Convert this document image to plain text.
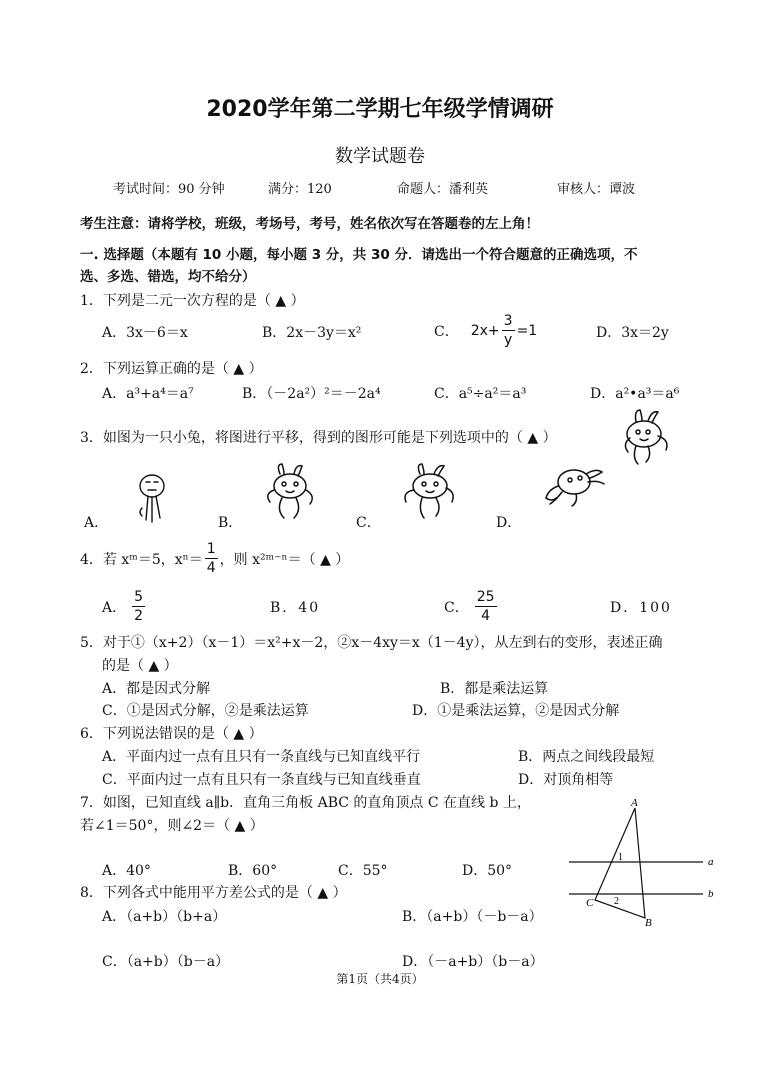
2020学年第二学期七年级学情调研
数学试题卷
考试时间：90 分钟	满分：120	命题人：潘利英	审核人：谭波
考生注意：请将学校，班级，考场号，考号，姓名依次写在答题卷的左上角！
一. 选择题（本题有 10 小题，每小题 3 分，共 30 分．请选出一个符合题意的正确选项，不
选、多选、错选，均不给分）
1．下列是二元一次方程的是（ ▲ ）
A．3x－6＝x	B．2x－3y＝x²	C． $2x+ \frac{3}{y} =1$	D．3x＝2y
2．下列运算正确的是（ ▲ ）
A．a³+a⁴＝a⁷	B．（－2a²）²＝－2a⁴	C．a⁵÷a²＝a³	D．a²•a³＝a⁶
3．如图为一只小兔，将图进行平移，得到的图形可能是下列选项中的（ ▲ ）
A．	B．	C．	D．
4．若 xᵐ＝5，$x^n= \frac{1}{4}$ ，则 x²ᵐ⁻ⁿ＝（ ▲ ）
A． $\frac{5}{2}$	B．40	C． $\frac{25}{4}$	D．100
5．对于①（x+2）（x－1）＝x²+x－2，②x－4xy＝x（1－4y），从左到右的变形，表述正确
的是（ ▲ ）
A．都是因式分解	B．都是乘法运算
C．①是因式分解，②是乘法运算	D．①是乘法运算，②是因式分解
6．下列说法错误的是（ ▲ ）
A．平面内过一点有且只有一条直线与已知直线平行	B．两点之间线段最短
C．平面内过一点有且只有一条直线与已知直线垂直	D．对顶角相等
7．如图，已知直线 a∥b．直角三角板 ABC 的直角顶点 C 在直线 b 上，
若∠1＝50°，则∠2＝（ ▲ ）
A．40°	B．60°	C．55°	D．50°
A
B
C
1
2
a
b
8．下列各式中能用平方差公式的是（ ▲ ）
A．（a+b）（b+a）	B．（a+b）（－b－a）
C．（a+b）（b－a）	D．（－a+b）（b－a）
第1页（共4页）
